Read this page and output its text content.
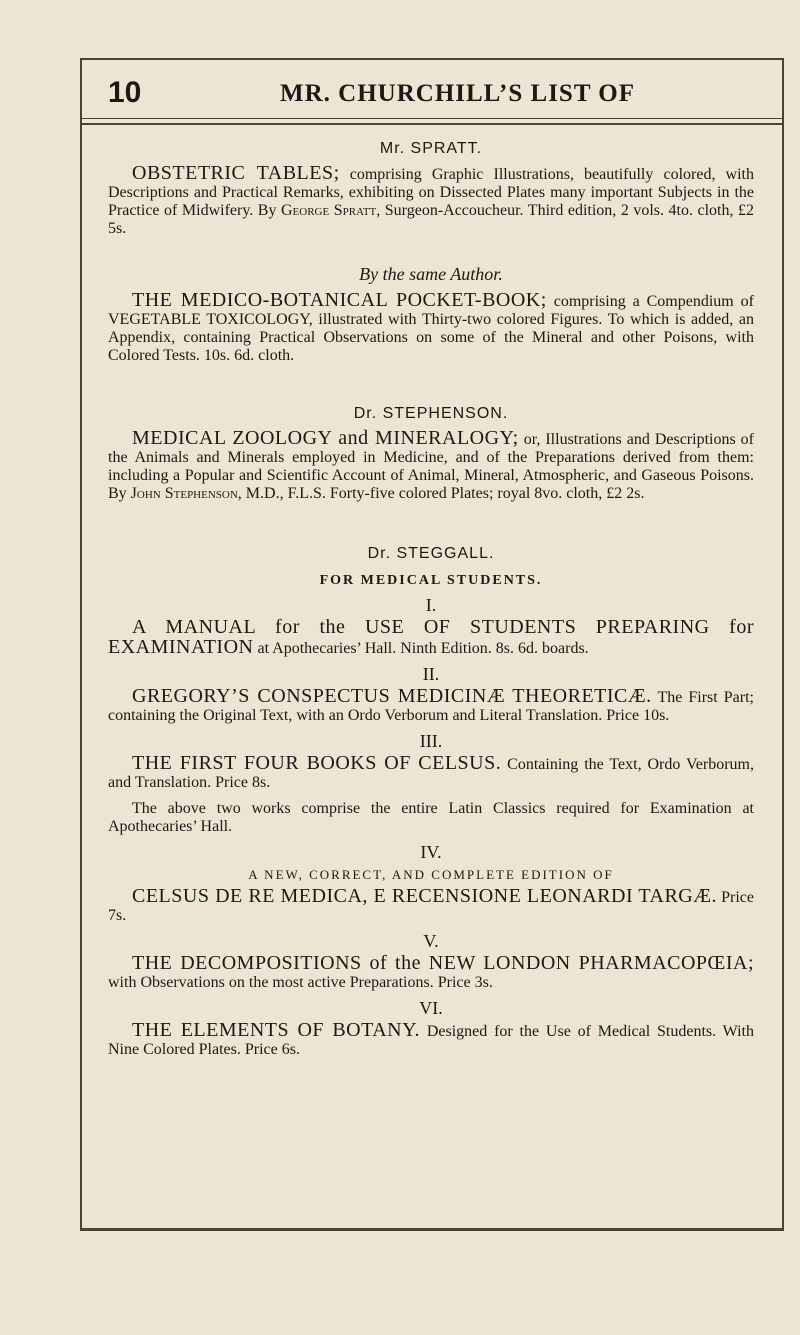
10	MR. CHURCHILL’S LIST OF
Mr. SPRATT.

OBSTETRIC TABLES; comprising Graphic Illustrations, beautifully colored, with Descriptions and Practical Remarks, exhibiting on Dissected Plates many important Subjects in the Practice of Midwifery. By George Spratt, Surgeon-Accoucheur. Third edition, 2 vols. 4to. cloth, £2 5s.

By the same Author.

THE MEDICO-BOTANICAL POCKET-BOOK; comprising a Compendium of VEGETABLE TOXICOLOGY, illustrated with Thirty-two colored Figures. To which is added, an Appendix, containing Practical Observations on some of the Mineral and other Poisons, with Colored Tests. 10s. 6d. cloth.

Dr. STEPHENSON.

MEDICAL ZOOLOGY and MINERALOGY; or, Illustrations and Descriptions of the Animals and Minerals employed in Medicine, and of the Preparations derived from them: including a Popular and Scientific Account of Animal, Mineral, Atmospheric, and Gaseous Poisons. By John Stephenson, M.D., F.L.S. Forty-five colored Plates; royal 8vo. cloth, £2 2s.

Dr. STEGGALL.
FOR MEDICAL STUDENTS.
I.

A MANUAL for the USE OF STUDENTS PREPARING for EXAMINATION at Apothecaries’ Hall. Ninth Edition. 8s. 6d. boards.

II.

GREGORY’S CONSPECTUS MEDICINÆ THEORETICÆ. The First Part; containing the Original Text, with an Ordo Verborum and Literal Translation. Price 10s.

III.

THE FIRST FOUR BOOKS OF CELSUS. Containing the Text, Ordo Verborum, and Translation. Price 8s.

The above two works comprise the entire Latin Classics required for Examination at Apothecaries’ Hall.

IV.
A NEW, CORRECT, AND COMPLETE EDITION OF

CELSUS DE RE MEDICA, E RECENSIONE LEONARDI TARGÆ. Price 7s.

V.

THE DECOMPOSITIONS of the NEW LONDON PHARMACOPŒIA; with Observations on the most active Preparations. Price 3s.

VI.

THE ELEMENTS OF BOTANY. Designed for the Use of Medical Students. With Nine Colored Plates. Price 6s.
